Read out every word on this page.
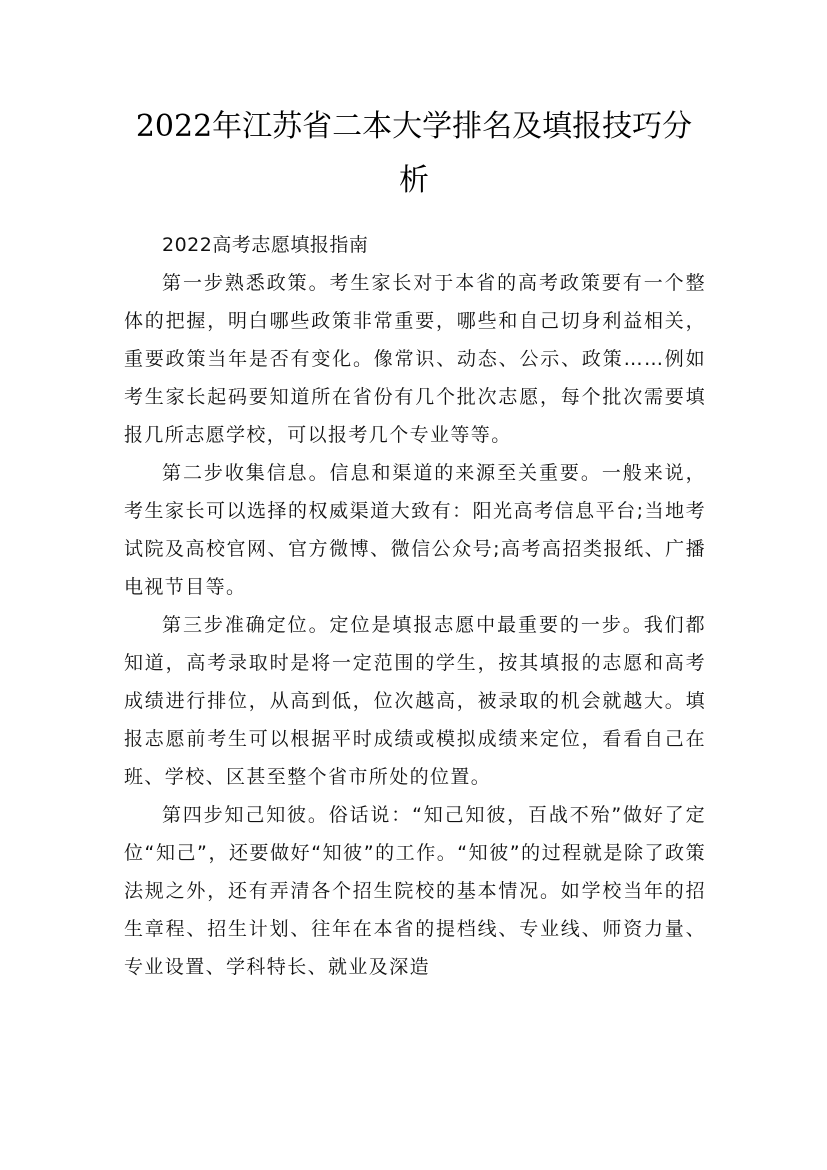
2022年江苏省二本大学排名及填报技巧分析
2022高考志愿填报指南

第一步熟悉政策。考生家长对于本省的高考政策要有一个整体的把握，明白哪些政策非常重要，哪些和自己切身利益相关，重要政策当年是否有变化。像常识、动态、公示、政策……例如考生家长起码要知道所在省份有几个批次志愿，每个批次需要填报几所志愿学校，可以报考几个专业等等。

第二步收集信息。信息和渠道的来源至关重要。一般来说，考生家长可以选择的权威渠道大致有：阳光高考信息平台;当地考试院及高校官网、官方微博、微信公众号;高考高招类报纸、广播电视节目等。

第三步准确定位。定位是填报志愿中最重要的一步。我们都知道，高考录取时是将一定范围的学生，按其填报的志愿和高考成绩进行排位，从高到低，位次越高，被录取的机会就越大。填报志愿前考生可以根据平时成绩或模拟成绩来定位，看看自己在班、学校、区甚至整个省市所处的位置。

第四步知己知彼。俗话说：“知己知彼，百战不殆”做好了定位“知己”，还要做好“知彼”的工作。“知彼”的过程就是除了政策法规之外，还有弄清各个招生院校的基本情况。如学校当年的招生章程、招生计划、往年在本省的提档线、专业线、师资力量、专业设置、学科特长、就业及深造
